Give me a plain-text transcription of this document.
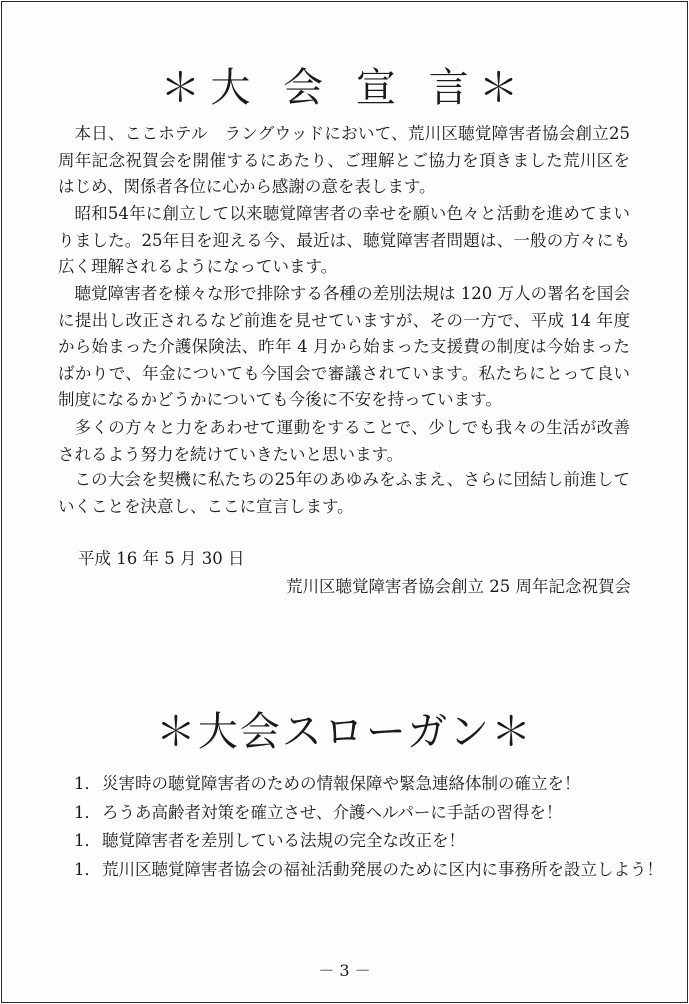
＊大 会 宣 言＊

本日、ここホテル　ラングウッドにおいて、荒川区聴覚障害者協会創立25周年記念祝賀会を開催するにあたり、ご理解とご協力を頂きました荒川区をはじめ、関係者各位に心から感謝の意を表します。

昭和54年に創立して以来聴覚障害者の幸せを願い色々と活動を進めてまいりました。25年目を迎える今、最近は、聴覚障害者問題は、一般の方々にも広く理解されるようになっています。

聴覚障害者を様々な形で排除する各種の差別法規は 120 万人の署名を国会に提出し改正されるなど前進を見せていますが、その一方で、平成 14 年度から始まった介護保険法、昨年 4 月から始まった支援費の制度は今始まったばかりで、年金についても今国会で審議されています。私たちにとって良い制度になるかどうかについても今後に不安を持っています。

多くの方々と力をあわせて運動をすることで、少しでも我々の生活が改善されるよう努力を続けていきたいと思います。

この大会を契機に私たちの25年のあゆみをふまえ、さらに団結し前進していくことを決意し、ここに宣言します。

平成 16 年 5 月 30 日

荒川区聴覚障害者協会創立 25 周年記念祝賀会

＊大会スローガン＊
1．災害時の聴覚障害者のための情報保障や緊急連絡体制の確立を！
1．ろうあ高齢者対策を確立させ、介護ヘルパーに手話の習得を！
1．聴覚障害者を差別している法規の完全な改正を！
1．荒川区聴覚障害者協会の福祉活動発展のために区内に事務所を設立しよう！

－ 3 －
